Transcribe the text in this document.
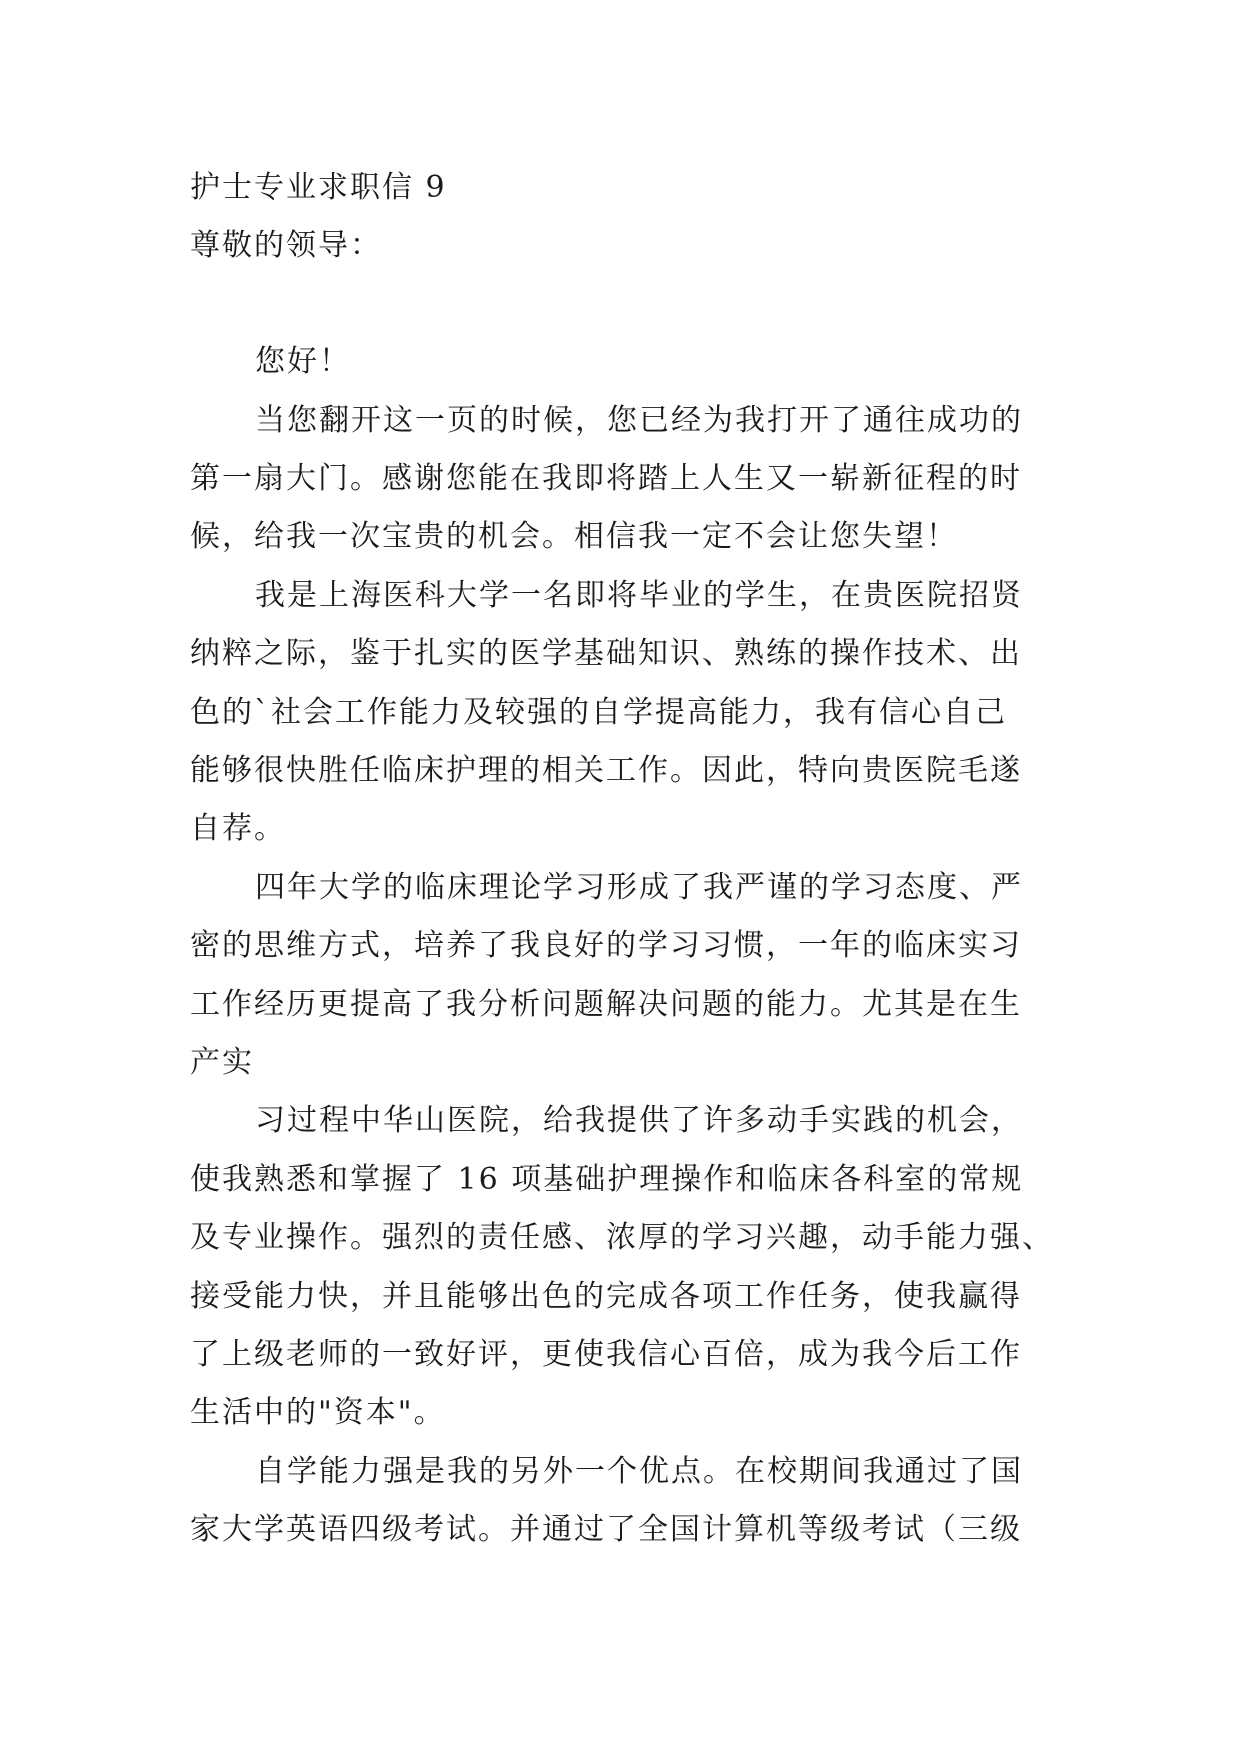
护士专业求职信 9
尊敬的领导：
您好！
当您翻开这一页的时候，您已经为我打开了通往成功的
第一扇大门。感谢您能在我即将踏上人生又一崭新征程的时
候，给我一次宝贵的机会。相信我一定不会让您失望！
我是上海医科大学一名即将毕业的学生，在贵医院招贤
纳粹之际，鉴于扎实的医学基础知识、熟练的操作技术、出
色的`社会工作能力及较强的自学提高能力，我有信心自己
能够很快胜任临床护理的相关工作。因此，特向贵医院毛遂
自荐。
四年大学的临床理论学习形成了我严谨的学习态度、严
密的思维方式，培养了我良好的学习习惯，一年的临床实习
工作经历更提高了我分析问题解决问题的能力。尤其是在生
产实
习过程中华山医院，给我提供了许多动手实践的机会，
使我熟悉和掌握了 16 项基础护理操作和临床各科室的常规
及专业操作。强烈的责任感、浓厚的学习兴趣，动手能力强、
接受能力快，并且能够出色的完成各项工作任务，使我赢得
了上级老师的一致好评，更使我信心百倍，成为我今后工作
生活中的"资本"。
自学能力强是我的另外一个优点。在校期间我通过了国
家大学英语四级考试。并通过了全国计算机等级考试（三级
